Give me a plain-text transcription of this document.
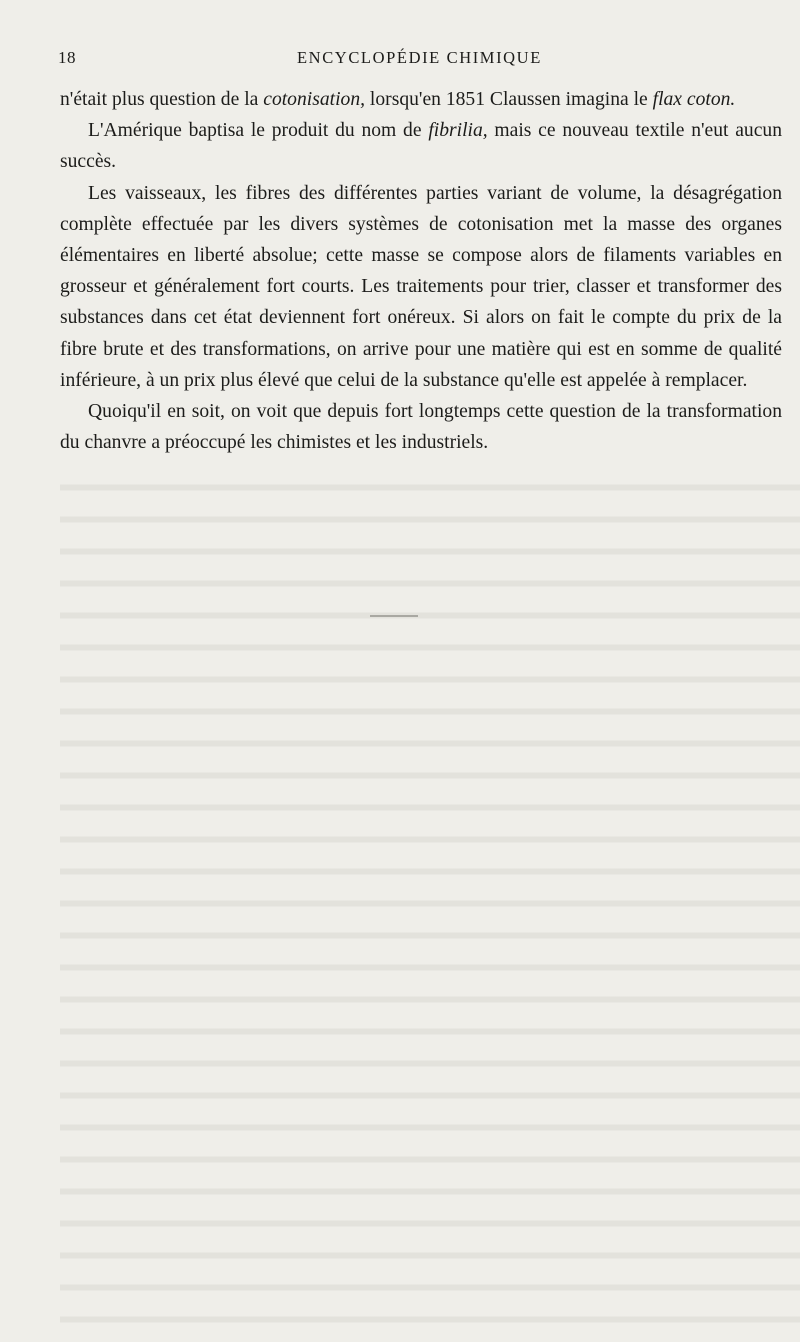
18	ENCYCLOPÉDIE CHIMIQUE

n'était plus question de la cotonisation, lorsqu'en 1851 Claussen imagina le flax coton.

L'Amérique baptisa le produit du nom de fibrilia, mais ce nouveau textile n'eut aucun succès.

Les vaisseaux, les fibres des différentes parties variant de volume, la désagrégation complète effectuée par les divers systèmes de cotonisation met la masse des organes élémentaires en liberté absolue; cette masse se compose alors de filaments variables en grosseur et généralement fort courts. Les traitements pour trier, classer et transformer des substances dans cet état deviennent fort onéreux. Si alors on fait le compte du prix de la fibre brute et des transformations, on arrive pour une matière qui est en somme de qualité inférieure, à un prix plus élevé que celui de la substance qu'elle est appelée à remplacer.

Quoiqu'il en soit, on voit que depuis fort longtemps cette question de la transformation du chanvre a préoccupé les chimistes et les industriels.
